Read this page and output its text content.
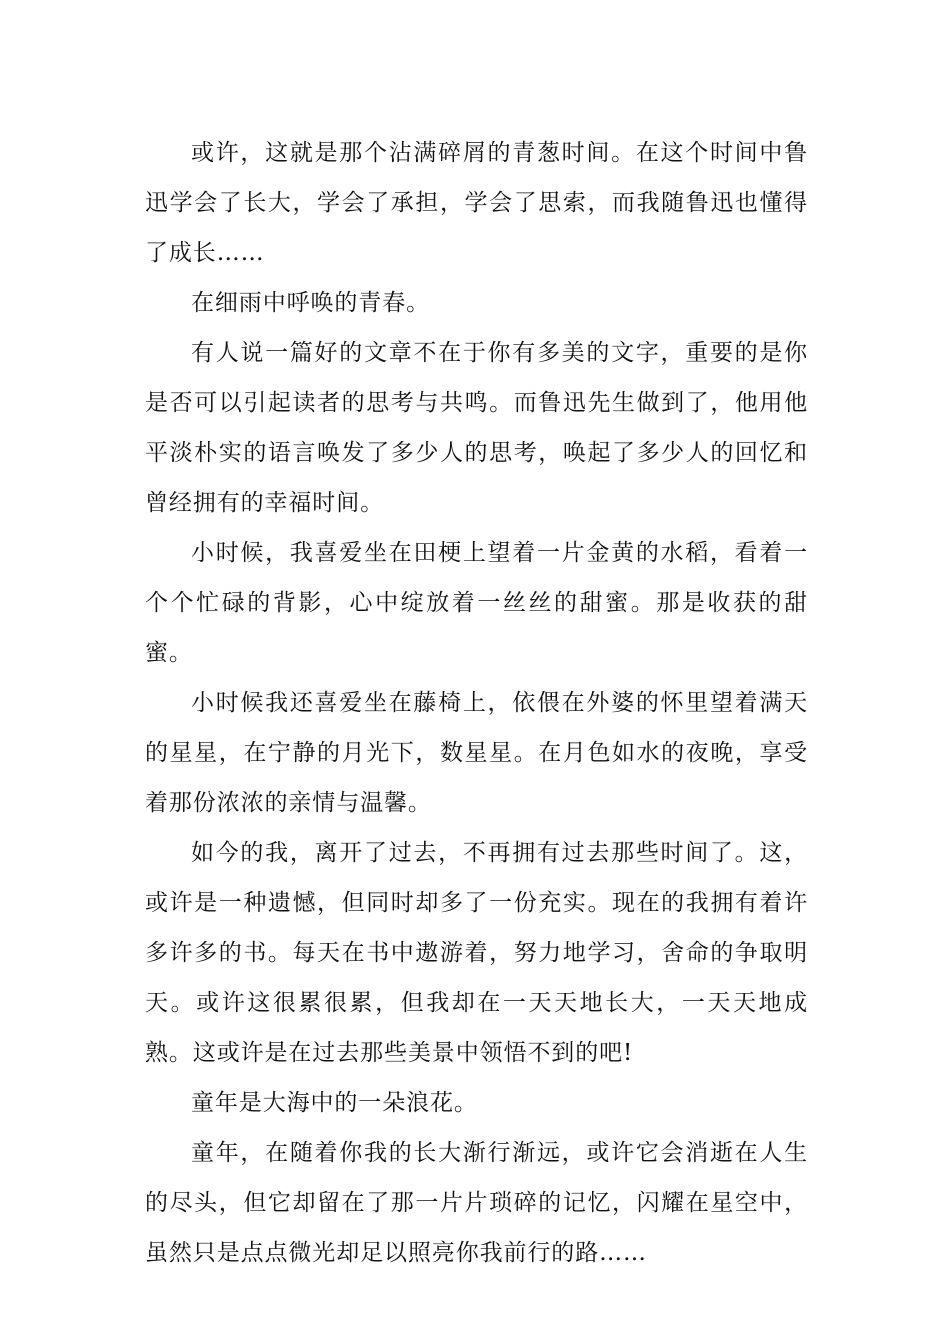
或许，这就是那个沾满碎屑的青葱时间。在这个时间中鲁迅学会了长大，学会了承担，学会了思索，而我随鲁迅也懂得了成长……

在细雨中呼唤的青春。

有人说一篇好的文章不在于你有多美的文字，重要的是你是否可以引起读者的思考与共鸣。而鲁迅先生做到了，他用他平淡朴实的语言唤发了多少人的思考，唤起了多少人的回忆和曾经拥有的幸福时间。

小时候，我喜爱坐在田梗上望着一片金黄的水稻，看着一个个忙碌的背影，心中绽放着一丝丝的甜蜜。那是收获的甜蜜。

小时候我还喜爱坐在藤椅上，依偎在外婆的怀里望着满天的星星，在宁静的月光下，数星星。在月色如水的夜晚，享受着那份浓浓的亲情与温馨。

如今的我，离开了过去，不再拥有过去那些时间了。这，或许是一种遗憾，但同时却多了一份充实。现在的我拥有着许多许多的书。每天在书中遨游着，努力地学习，舍命的争取明天。或许这很累很累，但我却在一天天地长大，一天天地成熟。这或许是在过去那些美景中领悟不到的吧!

童年是大海中的一朵浪花。

童年，在随着你我的长大渐行渐远，或许它会消逝在人生的尽头，但它却留在了那一片片琐碎的记忆，闪耀在星空中，虽然只是点点微光却足以照亮你我前行的路……
